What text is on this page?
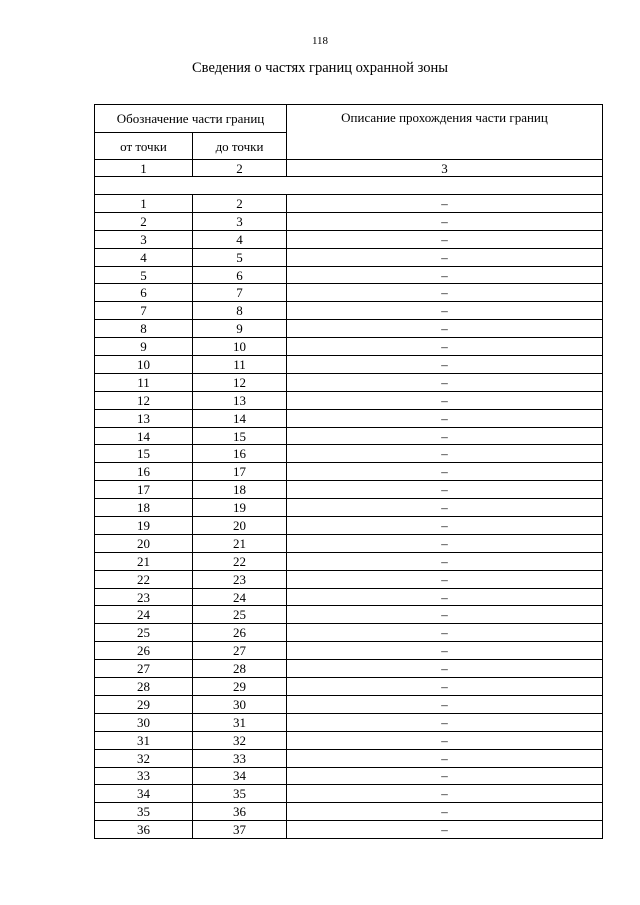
118
Сведения о частях границ охранной зоны
Обозначение части границ		Описание прохождения части границ
от точки	до точки	
1	2	3

1	2	–
2	3	–
3	4	–
4	5	–
5	6	–
6	7	–
7	8	–
8	9	–
9	10	–
10	11	–
11	12	–
12	13	–
13	14	–
14	15	–
15	16	–
16	17	–
17	18	–
18	19	–
19	20	–
20	21	–
21	22	–
22	23	–
23	24	–
24	25	–
25	26	–
26	27	–
27	28	–
28	29	–
29	30	–
30	31	–
31	32	–
32	33	–
33	34	–
34	35	–
35	36	–
36	37	–
